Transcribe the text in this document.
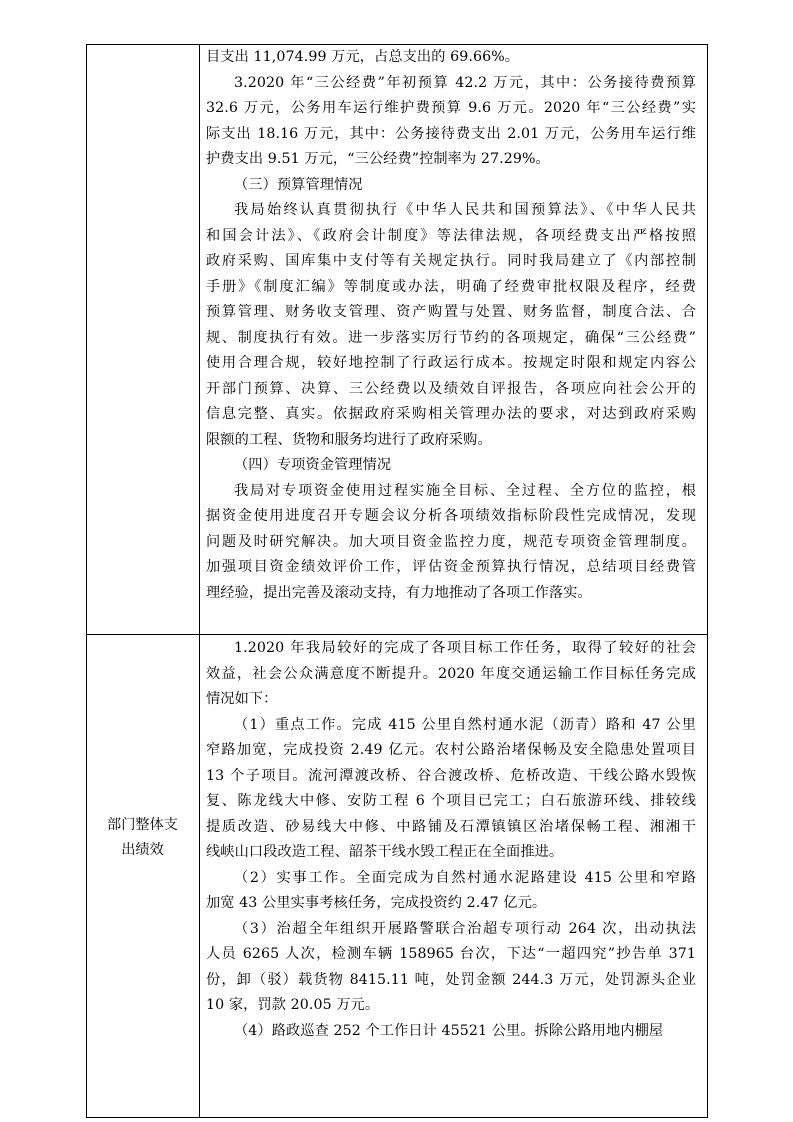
目支出 11,074.99 万元，占总支出的 69.66%。
3.2020 年“三公经费”年初预算 42.2 万元，其中：公务接待费预算
32.6 万元，公务用车运行维护费预算 9.6 万元。2020 年“三公经费”实
际支出 18.16 万元，其中：公务接待费支出 2.01 万元，公务用车运行维
护费支出 9.51 万元，“三公经费”控制率为 27.29%。
（三）预算管理情况
我局始终认真贯彻执行《中华人民共和国预算法》、《中华人民共
和国会计法》、《政府会计制度》等法律法规，各项经费支出严格按照
政府采购、国库集中支付等有关规定执行。同时我局建立了《内部控制
手册》《制度汇编》等制度或办法，明确了经费审批权限及程序，经费
预算管理、财务收支管理、资产购置与处置、财务监督，制度合法、合
规、制度执行有效。进一步落实厉行节约的各项规定，确保“三公经费”
使用合理合规，较好地控制了行政运行成本。按规定时限和规定内容公
开部门预算、决算、三公经费以及绩效自评报告，各项应向社会公开的
信息完整、真实。依据政府采购相关管理办法的要求，对达到政府采购
限额的工程、货物和服务均进行了政府采购。
（四）专项资金管理情况
我局对专项资金使用过程实施全目标、全过程、全方位的监控，根
据资金使用进度召开专题会议分析各项绩效指标阶段性完成情况，发现
问题及时研究解决。加大项目资金监控力度，规范专项资金管理制度。
加强项目资金绩效评价工作，评估资金预算执行情况，总结项目经费管
理经验，提出完善及滚动支持，有力地推动了各项工作落实。
部门整体支
出绩效
1.2020 年我局较好的完成了各项目标工作任务，取得了较好的社会
效益，社会公众满意度不断提升。2020 年度交通运输工作目标任务完成
情况如下：
（1）重点工作。完成 415 公里自然村通水泥（沥青）路和 47 公里
窄路加宽，完成投资 2.49 亿元。农村公路治堵保畅及安全隐患处置项目
13 个子项目。流河潭渡改桥、谷合渡改桥、危桥改造、干线公路水毁恢
复、陈龙线大中修、安防工程 6 个项目已完工；白石旅游环线、排较线
提质改造、砂易线大中修、中路铺及石潭镇镇区治堵保畅工程、湘湘干
线峡山口段改造工程、韶茶干线水毁工程正在全面推进。
（2）实事工作。全面完成为自然村通水泥路建设 415 公里和窄路
加宽 43 公里实事考核任务，完成投资约 2.47 亿元。
（3）治超全年组织开展路警联合治超专项行动 264 次，出动执法
人员 6265 人次，检测车辆 158965 台次，下达“一超四究”抄告单 371
份，卸（驳）载货物 8415.11 吨，处罚金额 244.3 万元，处罚源头企业
10 家，罚款 20.05 万元。
（4）路政巡查 252 个工作日计 45521 公里。拆除公路用地内棚屋
